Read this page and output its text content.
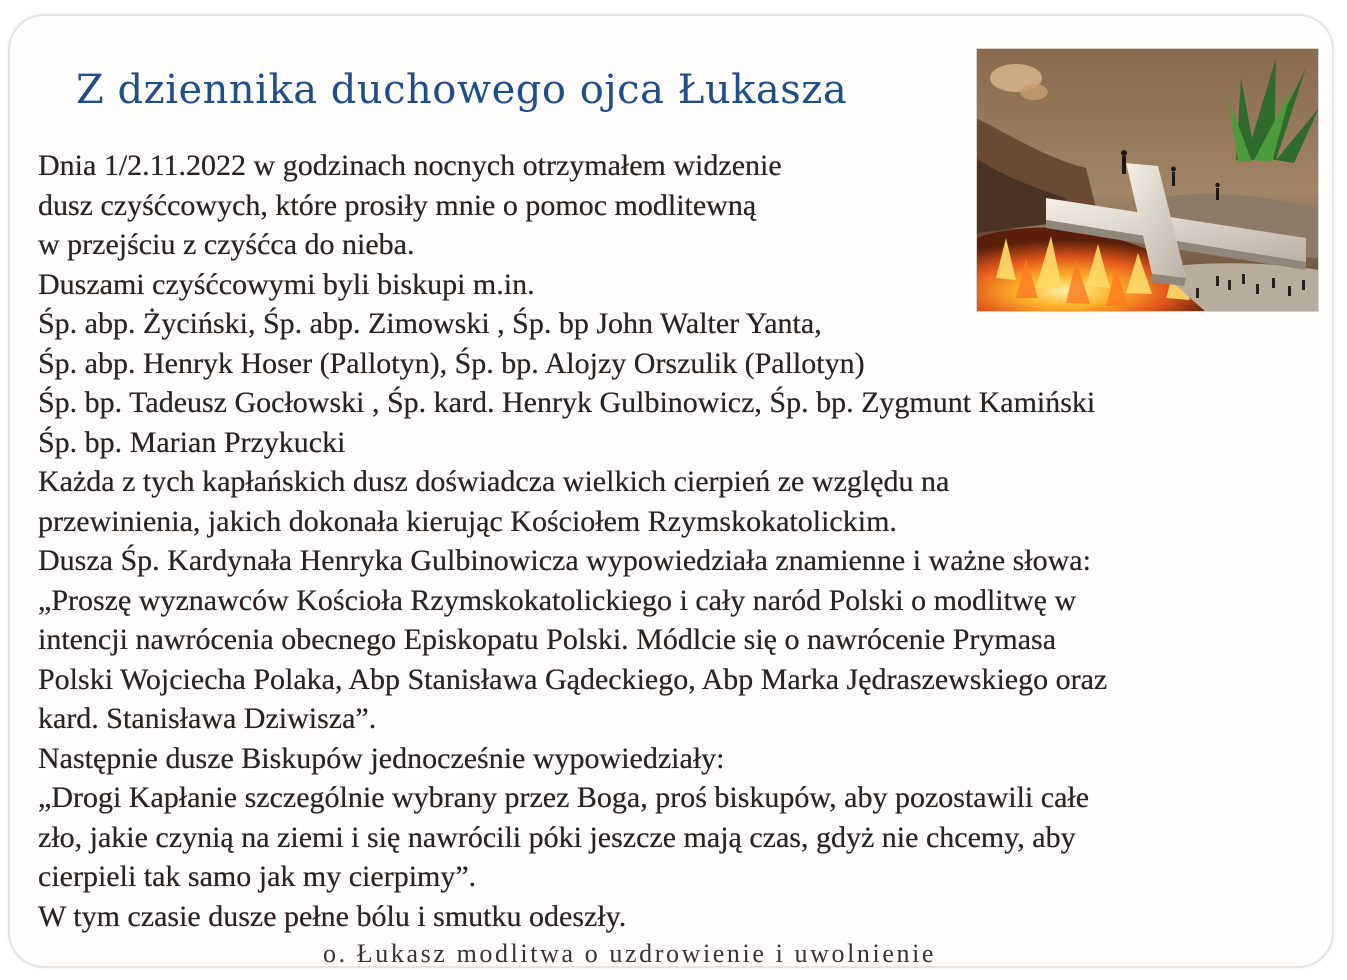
Z dziennika duchowego ojca Łukasza
Dnia 1/2.11.2022 w godzinach nocnych otrzymałem widzenie
dusz czyśćcowych, które prosiły mnie o pomoc modlitewną
w przejściu z czyśćca do nieba.
Duszami czyśćcowymi byli biskupi m.in.
Śp. abp. Życiński, Śp. abp. Zimowski , Śp. bp John Walter Yanta,
Śp. abp. Henryk Hoser (Pallotyn), Śp. bp. Alojzy Orszulik (Pallotyn)
Śp. bp. Tadeusz Gocłowski , Śp. kard. Henryk Gulbinowicz, Śp. bp. Zygmunt Kamiński
Śp. bp. Marian Przykucki
Każda z tych kapłańskich dusz doświadcza wielkich cierpień ze względu na
przewinienia, jakich dokonała kierując Kościołem Rzymskokatolickim.
Dusza Śp. Kardynała Henryka Gulbinowicza wypowiedziała znamienne i ważne słowa:
„Proszę wyznawców Kościoła Rzymskokatolickiego i cały naród Polski o modlitwę w
intencji nawrócenia obecnego Episkopatu Polski. Módlcie się o nawrócenie Prymasa
Polski Wojciecha Polaka, Abp Stanisława Gądeckiego, Abp Marka Jędraszewskiego oraz
kard. Stanisława Dziwisza”.
Następnie dusze Biskupów jednocześnie wypowiedziały:
„Drogi Kapłanie szczególnie wybrany przez Boga, proś biskupów, aby pozostawili całe
zło, jakie czynią na ziemi i się nawrócili póki jeszcze mają czas, gdyż nie chcemy, aby
cierpieli tak samo jak my cierpimy”.
W tym czasie dusze pełne bólu i smutku odeszły.
o. Łukasz modlitwa o uzdrowienie i uwolnienie
